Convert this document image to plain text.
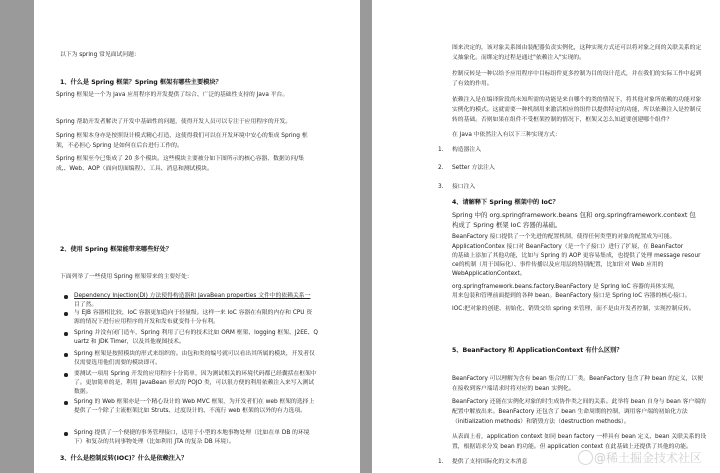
以下为 spring 常见面试问题：
1、什么是 Spring 框架？Spring 框架有哪些主要模块？
Spring 框架是一个为 Java 应用程序的开发提供了综合、广泛的基础性支持的 Java 平台。
Spring 帮助开发者解决了开发中基础性的问题，使得开发人员可以专注于应用程序的开发。
Spring 框架本身亦是按照设计模式精心打造，这使得我们可以在开发环境中安心的集成 Spring 框
架，不必担心 Spring 是如何在后台进行工作的。
Spring 框架至今已集成了 20 多个模块。这些模块主要被分如下图所示的核心容器、数据访问/集
成,、Web、AOP（面向切面编程）、工具、消息和测试模块。
2、使用 Spring 框架能带来哪些好处？
下面列举了一些使用 Spring 框架带来的主要好处：
Dependency Injection(DI) 方法使得构造器和 JavaBean properties 文件中的依赖关系一
目了然。
与 EJB 容器相比较，IoC 容器更加趋向于轻量级。这样一来 IoC 容器在有限的内存和 CPU 资
源的情况下进行应用程序的开发和发布就变得十分有利。
Spring 并没有闭门造车，Spring 利用了已有的技术比如 ORM 框架、logging 框架、J2EE、Q
uartz 和 JDK Timer，以及其他视图技术。
Spring 框架是按照模块的形式来组织的。由包和类的编号就可以看出其所属的模块，开发者仅
仅需要选用他们需要的模块即可。
要测试一项用 Spring 开发的应用程序十分简单，因为测试相关的环境代码都已经囊括在框架中
了。更加简单的是，利用 JavaBean 形式的 POJO 类，可以很方便的利用依赖注入来写入测试
数据。
Spring 的 Web 框架亦是一个精心设计的 Web MVC 框架，为开发者们在 web 框架的选择上
提供了一个除了主流框架比如 Struts、过度设计的、不流行 web 框架的以外的有力选项。
Spring 提供了一个便捷的事务管理接口，适用于小型的本地事物处理（比如在单 DB 的环境
下）和复杂的共同事物处理（比如利用 JTA 的复杂 DB 环境）。
3、什么是控制反转(IOC)？什么是依赖注入？
图来决定的，该对象关系图由装配器负责实例化，这种实现方式还可以将对象之间的关联关系的定
义抽象化。而绑定的过程是通过"依赖注入"实现的。
控制反转是一种以给予应用程序中目标组件更多控制为目的设计范式，并在我们的实际工作中起到
了有效的作用。
依赖注入是在编译阶段尚未知所需的功能是来自哪个的类的情况下，将其他对象所依赖的功能对象
实例化的模式。这就需要一种机制用来激活相应的组件以提供特定的功能，所以依赖注入是控制反
转的基础。否则如果在组件不受框架控制的情况下，框架又怎么知道要创建哪个组件？
在 Java 中依然注入有以下三种实现方式：
1. 构造器注入
2. Setter 方法注入
3. 接口注入
4、请解释下 Spring 框架中的 IoC？
Spring 中的 org.springframework.beans 包和 org.springframework.context 包
构成了 Spring 框架 IoC 容器的基础。
BeanFactory 接口提供了一个先进的配置机制，使得任何类型的对象的配置成为可能。
ApplicationContex 接口对 BeanFactory（是一个子接口）进行了扩展，在 BeanFactor
的基础上添加了其他功能，比如与 Spring 的 AOP 更容易集成，也提供了处理 message resour
ce的机制（用于国际化）、事件传播以及应用层的特别配置，比如针对 Web 应用的
WebApplicationContext。
org.springframework.beans.factory.BeanFactory 是 Spring IoC 容器的具体实现，
用来包装和管理前面提到的各种 bean。BeanFactory 接口是 Spring IoC 容器的核心接口。
IOC:把对象的创建、初始化、销毁交给 spring 来管理，而不是由开发者控制，实现控制反转。
5、BeanFactory 和 ApplicationContext 有什么区别？
BeanFactory 可以理解为含有 bean 集合的工厂类。BeanFactory 包含了种 bean 的定义，以便
在接收到客户端请求时将对应的 bean 实例化。
BeanFactory 还能在实例化对象的时生成协作类之间的关系。此举将 bean 自身与 bean 客户端的
配置中解放出来。BeanFactory 还包含了 bean 生命周期的控制，调用客户端的初始化方法
（initialization methods）和销毁方法（destruction methods）。
从表面上看，application context 如同 bean factory 一样具有 bean 定义、bean 关联关系的设
置，根据请求分发 bean 的功能。但 application context 在此基础上还提供了其他的功能。
1. 提供了支持国际化的文本消息	@稀土掘金技术社区
